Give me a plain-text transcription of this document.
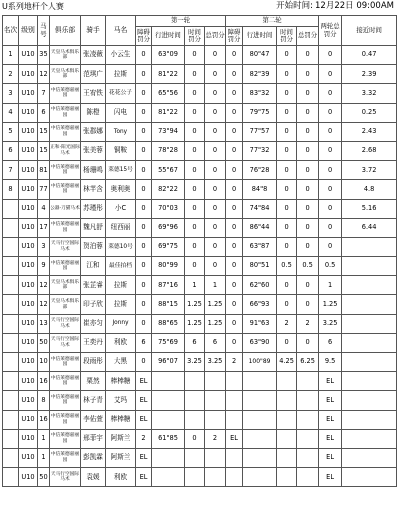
U系列地杆个人赛	开始时间: 12月22日 09:00AM
名次	级别	马号	俱乐部	骑手	马名	第一轮				第二轮				两轮总罚分	接近时间
						障碍罚分	行进时间	时间罚分	总罚分	障碍罚分	行进时间	时间罚分	总罚分		
1	U10	35	天皇马术俱乐部	张凌薇	小云生	0	63"09	0	0	0	80"47	0	0	0	0.47
2	U10	12	天皇马术俱乐部	范琪广	拉斯	0	81"22	0	0	0	82"39	0	0	0	2.39
3	U10	7	中信莱德嘉丽园	王宥铁	花花公子	0	65"56	0	0	0	83"32	0	0	0	3.32
4	U10	6	中信莱德嘉丽园	陈橙	闪电	0	81"22	0	0	0	79"75	0	0	0	0.25
5	U10	15	中信莱德嘉丽园	张郡娜	Tony	0	73"94	0	0	0	77"57	0	0	0	2.43
6	U10	15	正和·阳光国际马术	张美蓉	铜鞍	0	78"28	0	0	0	77"32	0	0	0	2.68
7	U10	81	中信莱德嘉丽园	杨珊鸣	莱德15号	0	55"67	0	0	0	76"28	0	0	0	3.72
8	U10	77	中信莱德嘉丽园	林芊含	奥利奥	0	82"22	0	0	0	84"8	0	0	0	4.8
	U10	4	公器·刀猫马术	苏瑾彤	小C	0	70"03	0	0	0	74"84	0	0	0	5.16
	U10	17	中信莱德嘉丽园	魏凡舒	纽西丽	0	69"96	0	0	0	86"44	0	0	0	6.44
	U10	3	天马行空国际马术	贺泊蓉	莱德10号	0	69"75	0	0	0	63"87	0	0	0	
	U10	9	中信莱德嘉丽园	江和	最佳拍档	0	80"99	0	0	0	80"51	0.5	0.5	0.5	
	U10	12	天皇马术俱乐部	张芷睿	拉斯	0	87"16	1	1	0	62"60	0	0	1	
	U10	12	天皇马术俱乐部	印子欣	拉斯	0	88"15	1.25	1.25	0	66"93	0	0	1.25	
	U10	13	天马行空国际马术	崔亦匀	Jonny	0	88"65	1.25	1.25	0	91"63	2	2	3.25	
	U10	50	天马行空国际马术	王奕丹	利欧	6	75"69	6	6	0	63"90	0	0	6	
	U10	10	中信莱德嘉丽园	段雨彤	大黑	0	96"07	3.25	3.25	2	100"89	4.25	6.25	9.5	
	U10	16	中信莱德嘉丽园	栗然	棒棒糖	EL								EL	
	U10	8	中信莱德嘉丽园	林子青	艾玛	EL								EL	
	U10	16	中信莱德嘉丽园	李佑萱	棒棒糖	EL								EL	
	U10	1	中信莱德嘉丽园	邢菲宇	阿斯兰	2	61"85	0	2	EL				EL	
	U10	1	中信莱德嘉丽园	彭凯霖	阿斯兰	EL								EL	
	U10	50	天马行空国际马术	袁媛	利欧	EL								EL	
